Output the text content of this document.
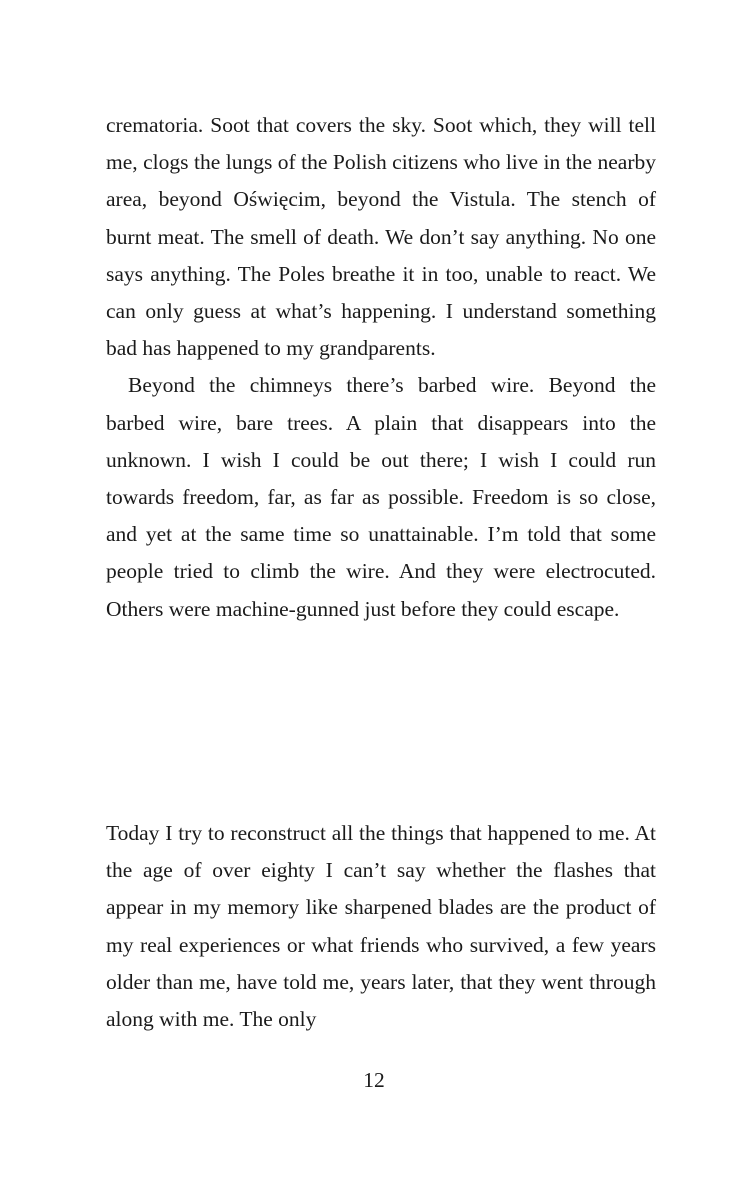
crematoria. Soot that covers the sky. Soot which, they will tell me, clogs the lungs of the Polish citizens who live in the nearby area, beyond Oświęcim, beyond the Vistula. The stench of burnt meat. The smell of death. We don’t say anything. No one says anything. The Poles breathe it in too, unable to react. We can only guess at what’s happening. I understand something bad has happened to my grandparents.

Beyond the chimneys there’s barbed wire. Beyond the barbed wire, bare trees. A plain that disappears into the unknown. I wish I could be out there; I wish I could run towards freedom, far, as far as possible. Freedom is so close, and yet at the same time so unattainable. I’m told that some people tried to climb the wire. And they were electrocuted. Others were machine-gunned just before they could escape.

Today I try to reconstruct all the things that happened to me. At the age of over eighty I can’t say whether the flashes that appear in my memory like sharpened blades are the product of my real experiences or what friends who survived, a few years older than me, have told me, years later, that they went through along with me. The only

12
